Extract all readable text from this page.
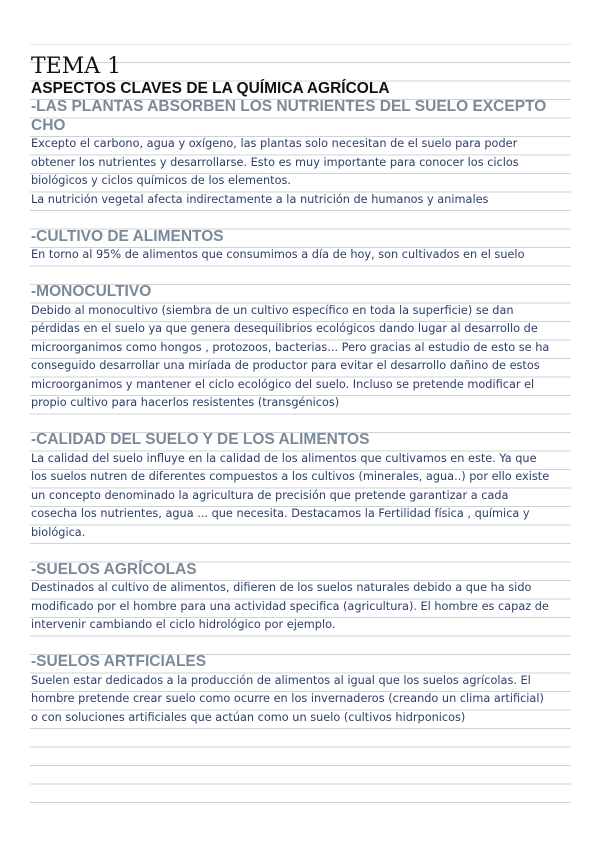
TEMA 1
ASPECTOS CLAVES DE LA QUÍMICA AGRÍCOLA
-LAS PLANTAS ABSORBEN LOS NUTRIENTES DEL SUELO EXCEPTO CHO
Excepto el carbono, agua y oxígeno, las plantas solo necesitan de el suelo para poder
obtener los nutrientes y desarrollarse. Esto es muy importante para conocer los ciclos
biológicos y ciclos químicos de los elementos.
La nutrición vegetal afecta indirectamente a la nutrición de humanos y animales
-CULTIVO DE ALIMENTOS
En torno al 95% de alimentos que consumimos a día de hoy, son cultivados en el suelo
-MONOCULTIVO
Debido al monocultivo (siembra de un cultivo específico en toda la superficie) se dan
pérdidas en el suelo ya que genera desequilibrios ecológicos dando lugar al desarrollo de
microorganimos como hongos , protozoos, bacterias... Pero gracias al estudio de esto se ha
conseguido desarrollar una miríada de productor para evitar el desarrollo dañino de estos
microorganimos y mantener el ciclo ecológico del suelo. Incluso se pretende modificar el
propio cultivo para hacerlos resistentes (transgénicos)
-CALIDAD DEL SUELO Y DE LOS ALIMENTOS
La calidad del suelo influye en la calidad de los alimentos que cultivamos en este. Ya que
los suelos nutren de diferentes compuestos a los cultivos (minerales, agua..) por ello existe
un concepto denominado la agricultura de precisión que pretende garantizar a cada
cosecha los nutrientes, agua ... que necesita. Destacamos la Fertilidad física , química y
biológica.
-SUELOS AGRÍCOLAS
Destinados al cultivo de alimentos, difieren de los suelos naturales debido a que ha sido
modificado por el hombre para una actividad specifica (agricultura). El hombre es capaz de
intervenir cambiando el ciclo hidrológico por ejemplo.
-SUELOS ARTFICIALES
Suelen estar dedicados a la producción de alimentos al igual que los suelos agrícolas. El
hombre pretende crear suelo como ocurre en los invernaderos (creando un clima artificial)
o con soluciones artificiales que actúan como un suelo (cultivos hidrponicos)
